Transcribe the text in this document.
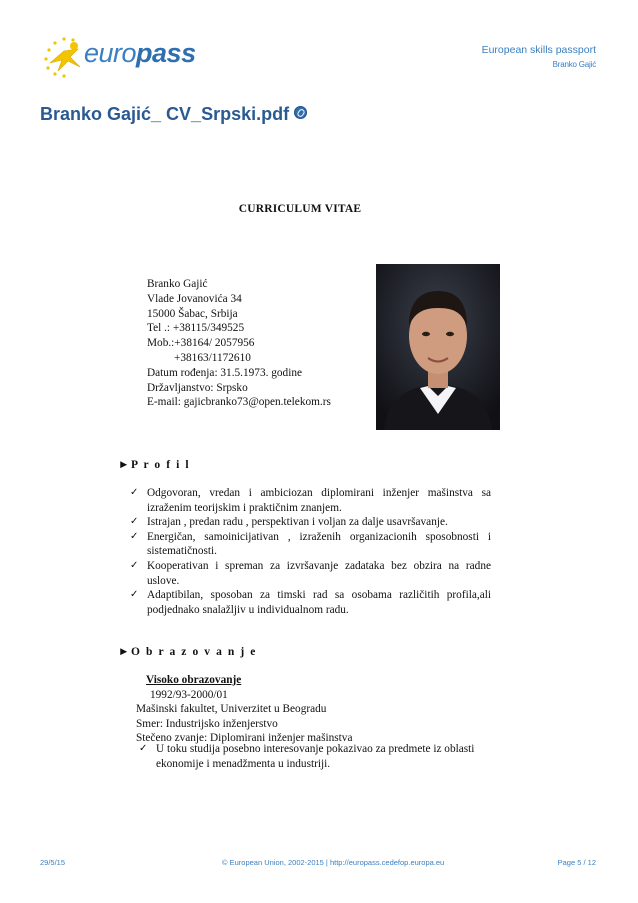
europass	European skills passport
Branko Gajić
Branko Gajić_ CV_Srpski.pdf
CURRICULUM VITAE
Branko Gajić
Vlade Jovanovića 34
15000 Šabac, Srbija
Tel .: +38115/349525
Mob.:+38164/ 2057956
+38163/1172610
Datum rođenja: 31.5.1973. godine
Državljanstvo: Srpsko
E-mail: gajicbranko73@open.telekom.rs
►P r o f i l
✓ Odgovoran, vredan i ambiciozan diplomirani inženjer mašinstva sa izraženim teorijskim i praktičnim znanjem.
✓ Istrajan , predan radu , perspektivan i voljan za dalje usavršavanje.
✓ Energičan, samoinicijativan , izraženih organizacionih sposobnosti i sistematičnosti.
✓ Kooperativan i spreman za izvršavanje zadataka bez obzira na radne uslove.
✓ Adaptibilan, sposoban za timski rad sa osobama različitih profila,ali podjednako snalažljiv u individualnom radu.
►O b r a z o v a n j e
Visoko obrazovanje
1992/93-2000/01
Mašinski fakultet, Univerzitet u Beogradu
Smer: Industrijsko inženjerstvo
Stečeno zvanje: Diplomirani inženjer mašinstva
✓ U toku studija posebno interesovanje pokazivao za predmete iz oblasti ekonomije i menadžmenta u industriji.
29/5/15	© European Union, 2002-2015 | http://europass.cedefop.europa.eu	Page 5 / 12
